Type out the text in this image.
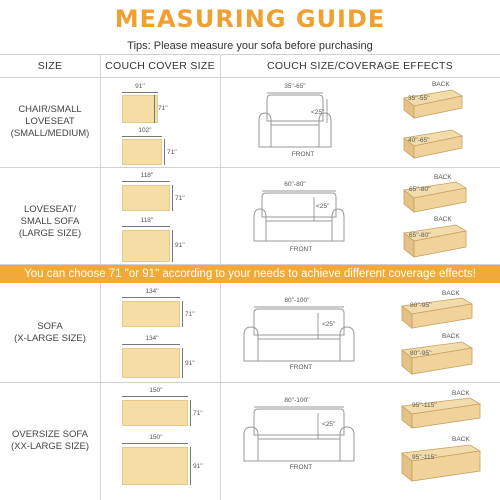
MEASURING GUIDE
Tips: Please measure your sofa before purchasing
SIZE	COUCH COVER SIZE	COUCH SIZE/COVERAGE EFFECTS
CHAIR/SMALL
LOVESEAT
(SMALL/MEDIUM)
LOVESEAT/
SMALL SOFA
(LARGE SIZE)
You can choose 71 "or 91" according to your needs to achieve different coverage effects!
SOFA
(X-LARGE SIZE)
OVERSIZE SOFA
(XX-LARGE SIZE)
91''
71''
102''
71''
118''
71''
118''
91''
134''
71''
134''
91''
150''
71''
150''
91''
35''-65''
<25''
FRONT
60''-80''
<25''
FRONT
80''-100''
<25''
FRONT
80''-100''
<25''
FRONT
BACK
35''-55''
40''-65''
BACK
65''-80''
BACK
65''-80''
BACK
80''-95''
BACK
80''-95''
BACK
95''-115''
BACK
95''-115''
